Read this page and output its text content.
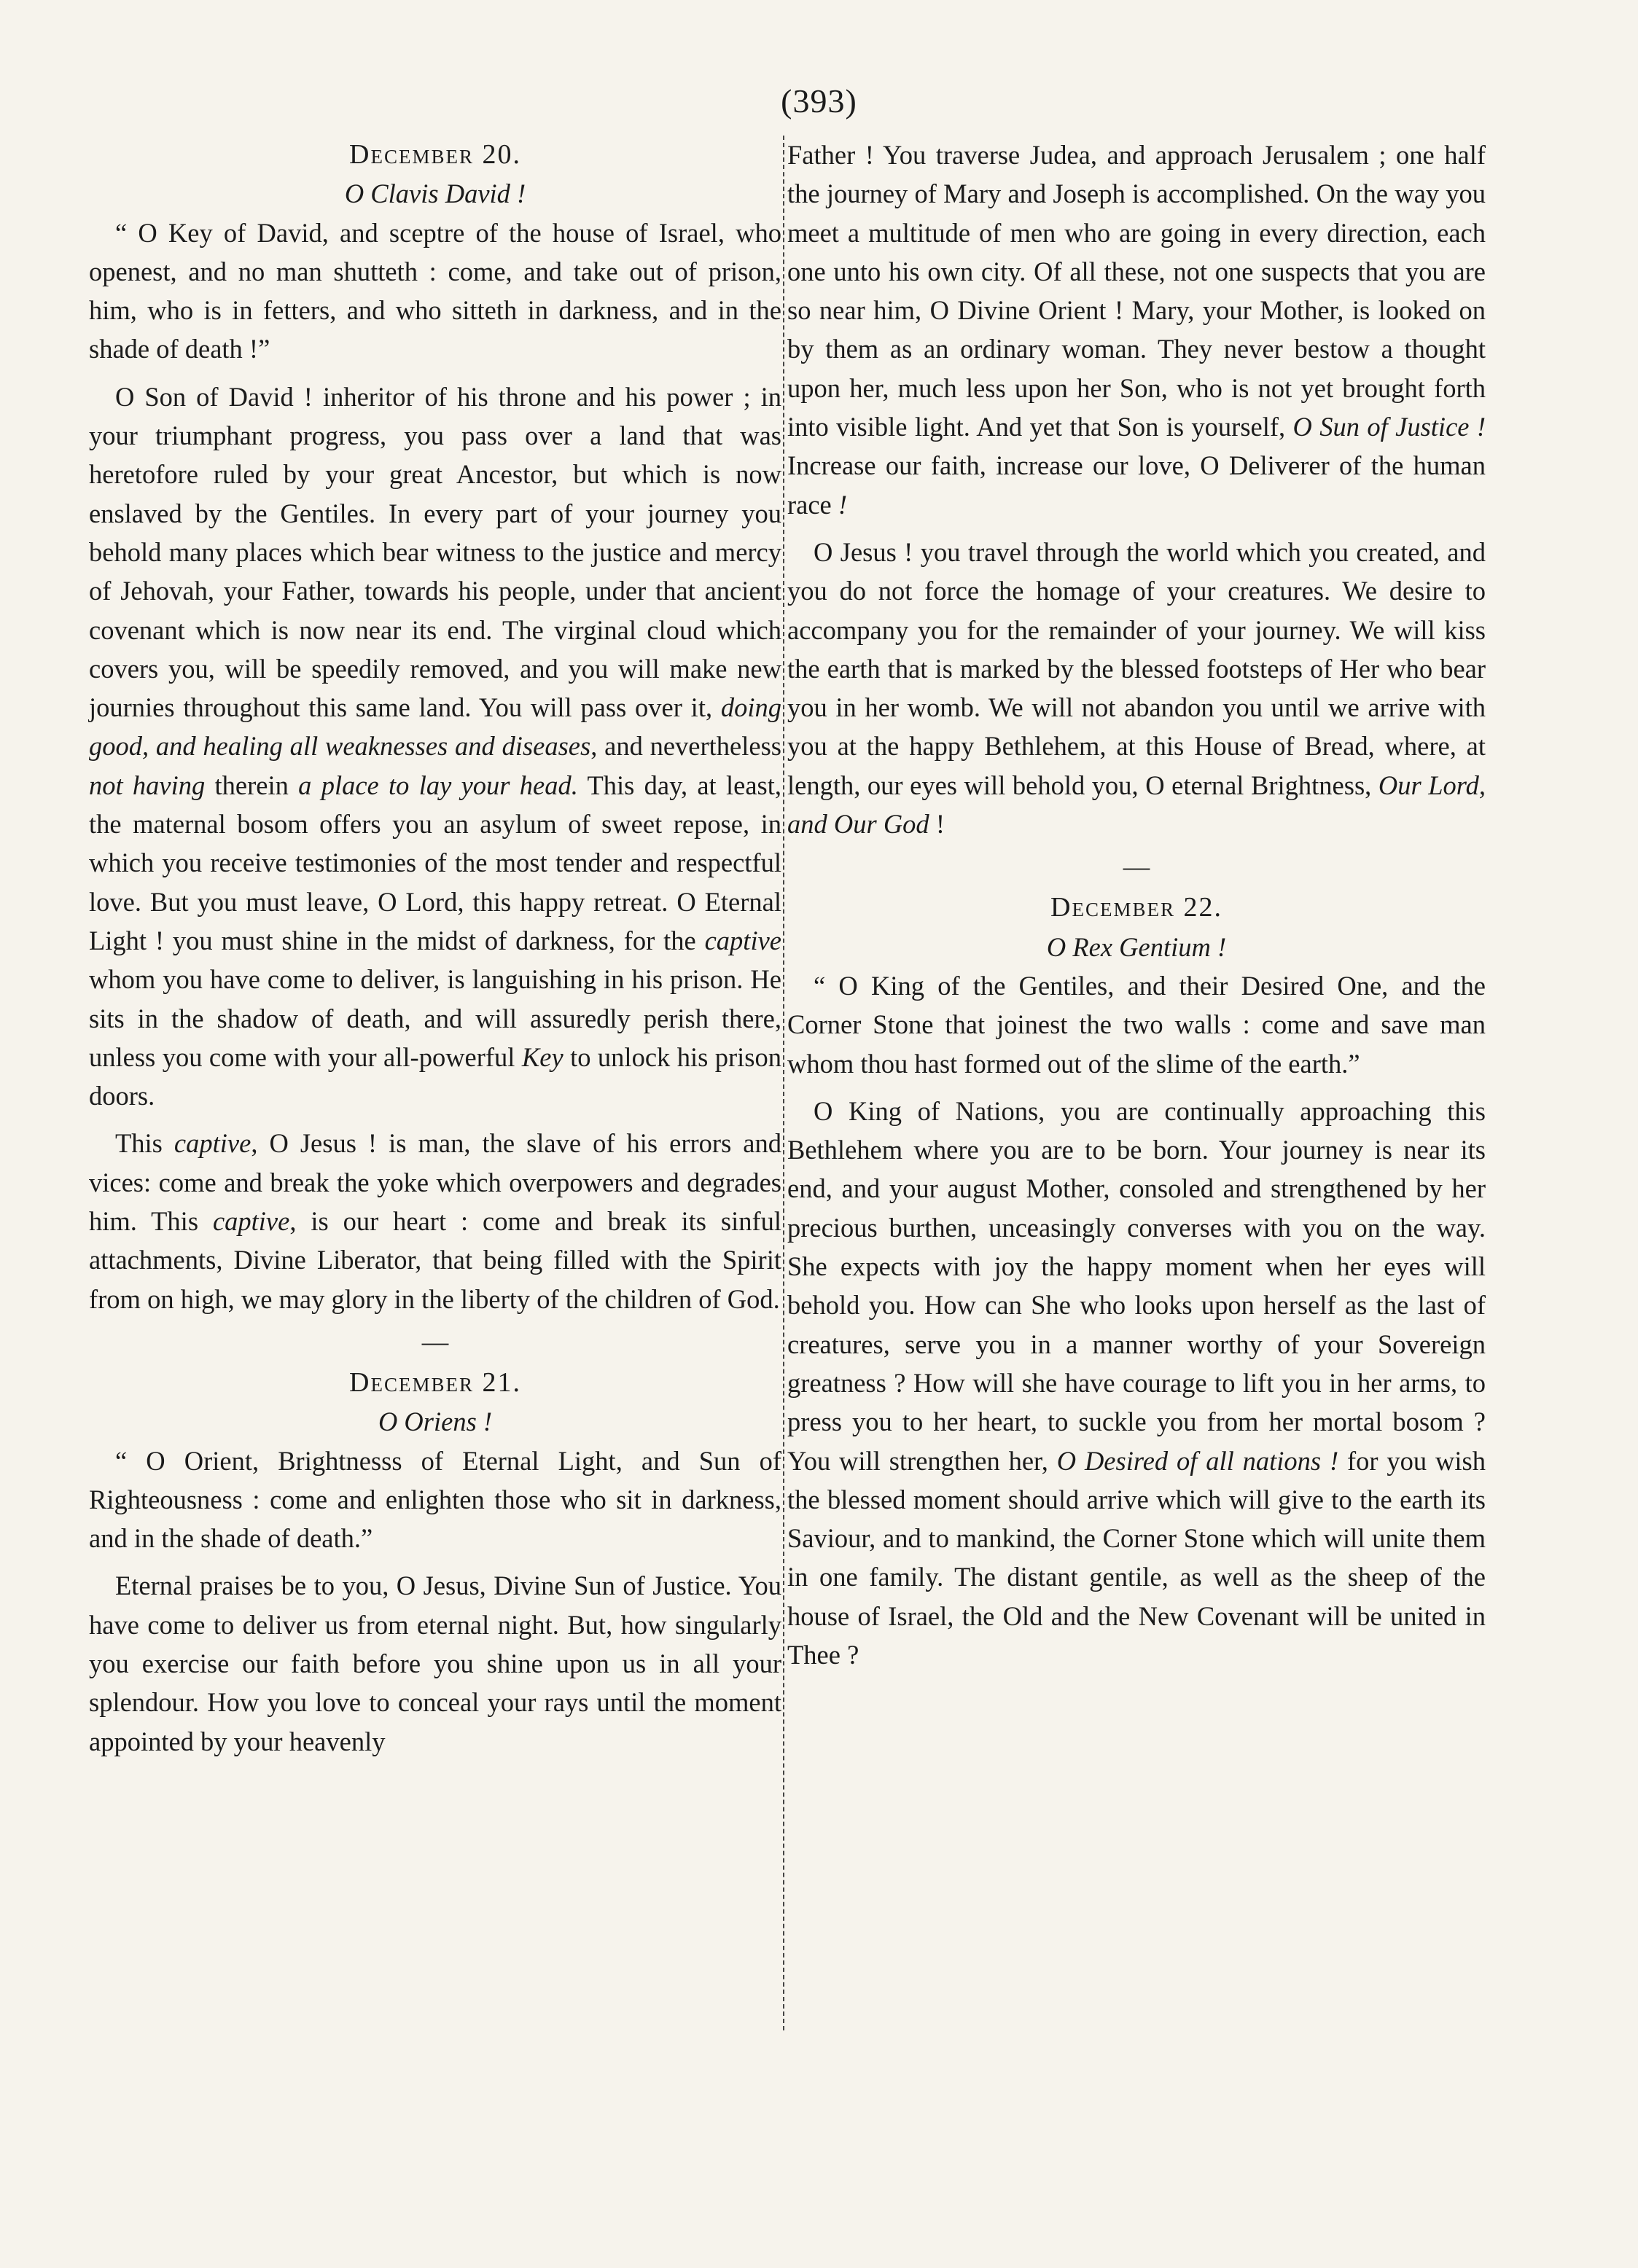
(393)

December 20.

O Clavis David !

“ O Key of David, and sceptre of the house of Israel, who openest, and no man shutteth : come, and take out of prison, him, who is in fetters, and who sitteth in darkness, and in the shade of death !”

O Son of David ! inheritor of his throne and his power ; in your triumphant progress, you pass over a land that was heretofore ruled by your great Ancestor, but which is now enslaved by the Gentiles. In every part of your journey you behold many places which bear witness to the justice and mercy of Jehovah, your Father, towards his people, under that ancient covenant which is now near its end. The virginal cloud which covers you, will be speedily removed, and you will make new journies throughout this same land. You will pass over it, doing good, and healing all weaknesses and diseases, and nevertheless not having therein a place to lay your head. This day, at least, the maternal bosom offers you an asylum of sweet repose, in which you receive testimonies of the most tender and respectful love. But you must leave, O Lord, this happy retreat. O Eternal Light ! you must shine in the midst of darkness, for the captive whom you have come to deliver, is languishing in his prison. He sits in the shadow of death, and will assuredly perish there, unless you come with your all-powerful Key to unlock his prison doors.

This captive, O Jesus ! is man, the slave of his errors and vices: come and break the yoke which overpowers and degrades him. This captive, is our heart : come and break its sinful attachments, Divine Liberator, that being filled with the Spirit from on high, we may glory in the liberty of the children of God.

—

December 21.

O Oriens !

“ O Orient, Brightnesss of Eternal Light, and Sun of Righteousness : come and enlighten those who sit in darkness, and in the shade of death.”

Eternal praises be to you, O Jesus, Divine Sun of Justice. You have come to deliver us from eternal night. But, how singularly you exercise our faith before you shine upon us in all your splendour. How you love to conceal your rays until the moment appointed by your heavenly

Father ! You traverse Judea, and approach Jerusalem ; one half the journey of Mary and Joseph is accomplished. On the way you meet a multitude of men who are going in every direction, each one unto his own city. Of all these, not one suspects that you are so near him, O Divine Orient ! Mary, your Mother, is looked on by them as an ordinary woman. They never bestow a thought upon her, much less upon her Son, who is not yet brought forth into visible light. And yet that Son is yourself, O Sun of Justice ! Increase our faith, increase our love, O Deliverer of the human race !

O Jesus ! you travel through the world which you created, and you do not force the homage of your creatures. We desire to accompany you for the remainder of your journey. We will kiss the earth that is marked by the blessed footsteps of Her who bear you in her womb. We will not abandon you until we arrive with you at the happy Bethlehem, at this House of Bread, where, at length, our eyes will behold you, O eternal Brightness, Our Lord, and Our God !

—

December 22.

O Rex Gentium !

“ O King of the Gentiles, and their Desired One, and the Corner Stone that joinest the two walls : come and save man whom thou hast formed out of the slime of the earth.”

O King of Nations, you are continually approaching this Bethlehem where you are to be born. Your journey is near its end, and your august Mother, consoled and strengthened by her precious burthen, unceasingly converses with you on the way. She expects with joy the happy moment when her eyes will behold you. How can She who looks upon herself as the last of creatures, serve you in a manner worthy of your Sovereign greatness ? How will she have courage to lift you in her arms, to press you to her heart, to suckle you from her mortal bosom ? You will strengthen her, O Desired of all nations ! for you wish the blessed moment should arrive which will give to the earth its Saviour, and to mankind, the Corner Stone which will unite them in one family. The distant gentile, as well as the sheep of the house of Israel, the Old and the New Covenant will be united in Thee ?
